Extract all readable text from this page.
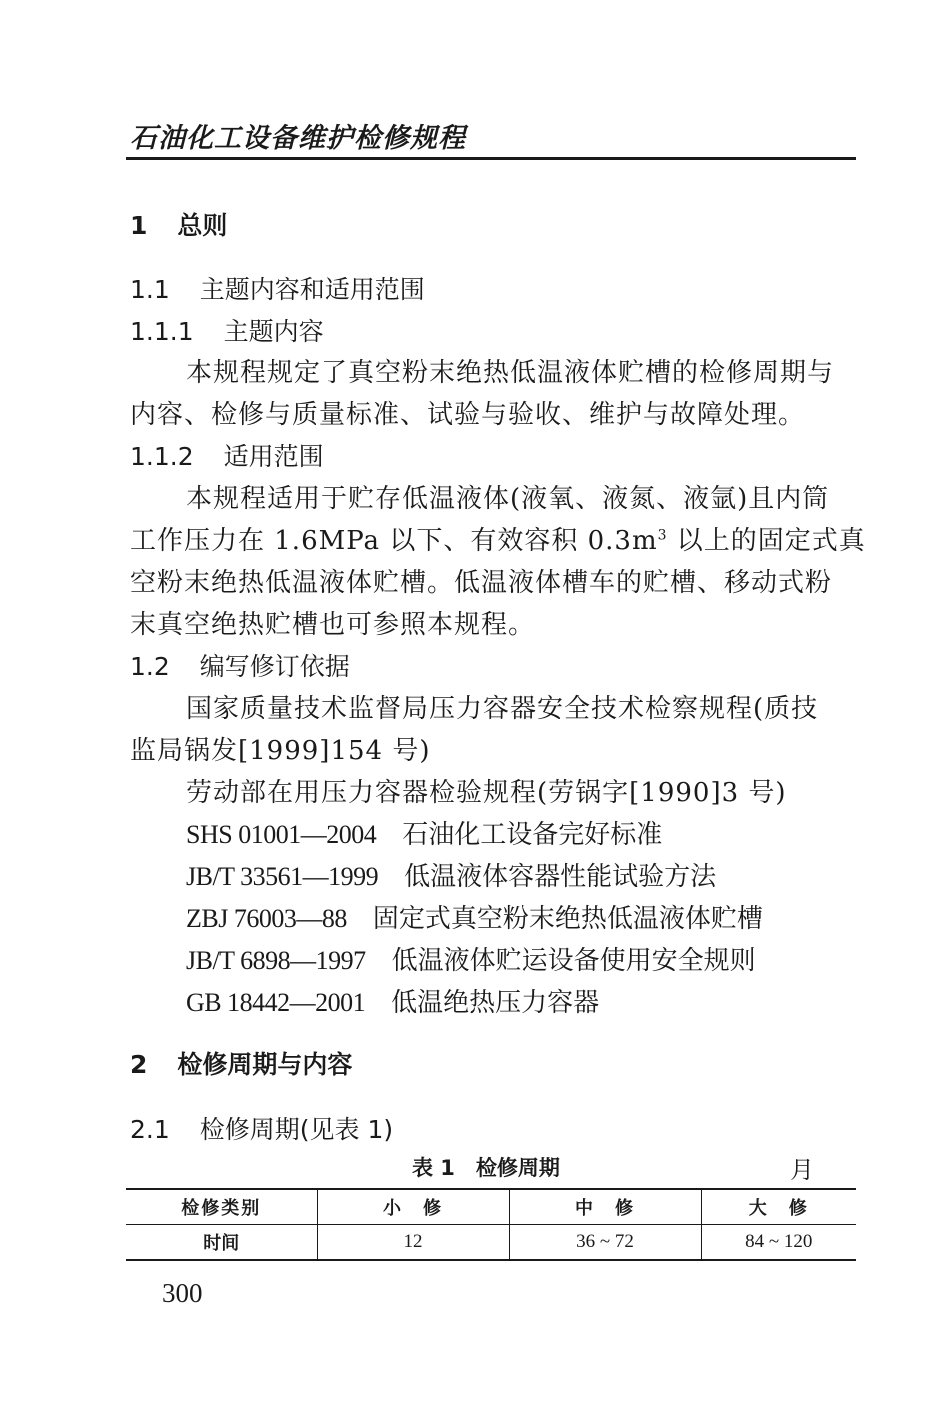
石油化工设备维护检修规程
1 总则
1.1 主题内容和适用范围
1.1.1 主题内容
本规程规定了真空粉末绝热低温液体贮槽的检修周期与
内容、检修与质量标准、试验与验收、维护与故障处理。
1.1.2 适用范围
本规程适用于贮存低温液体(液氧、液氮、液氩)且内筒
工作压力在 1.6MPa 以下、有效容积 $0.3m^3$ 以上的固定式真
空粉末绝热低温液体贮槽。低温液体槽车的贮槽、移动式粉
末真空绝热贮槽也可参照本规程。
1.2 编写修订依据
国家质量技术监督局压力容器安全技术检察规程(质技
监局锅发[1999]154 号)
劳动部在用压力容器检验规程(劳锅字[1990]3 号)
SHS 01001—2004 石油化工设备完好标准
JB/T 33561—1999 低温液体容器性能试验方法
ZBJ 76003—88 固定式真空粉末绝热低温液体贮槽
JB/T 6898—1997 低温液体贮运设备使用安全规则
GB 18442—2001 低温绝热压力容器
2 检修周期与内容
2.1 检修周期(见表 1)
表 1　检修周期	月
检修类别	小　修	中　修	大　修
时间	12	36 ~ 72	84 ~ 120
300
